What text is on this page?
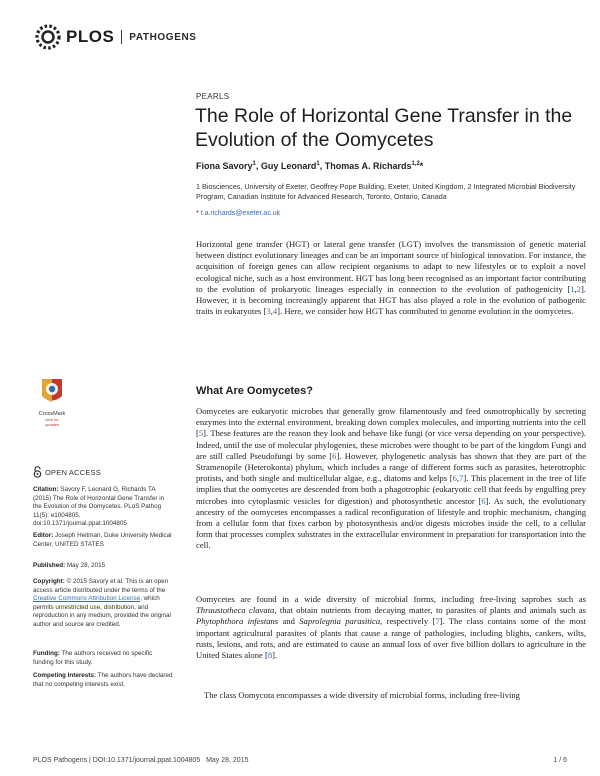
PLOS PATHOGENS
PEARLS
The Role of Horizontal Gene Transfer in the Evolution of the Oomycetes
Fiona Savory$^1$, Guy Leonard$^1$, Thomas A. Richards$^{1,2}$*
1 Biosciences, University of Exeter, Geoffrey Pope Building, Exeter, United Kingdom, 2 Integrated Microbial Biodiversity Program, Canadian Institute for Advanced Research, Toronto, Ontario, Canada
* t.a.richards@exeter.ac.uk

Horizontal gene transfer (HGT) or lateral gene transfer (LGT) involves the transmission of genetic material between distinct evolutionary lineages and can be an important source of biological innovation. For instance, the acquisition of foreign genes can allow recipient organisms to adapt to new lifestyles or to exploit a novel ecological niche, such as a host environment. HGT has long been recognised as an important factor contributing to the evolution of prokaryotic lineages especially in connection to the evolution of pathogenicity [1,2]. However, it is becoming increasingly apparent that HGT has also played a role in the evolution of pathogenic traits in eukaryotes [3,4]. Here, we consider how HGT has contributed to genome evolution in the oomycetes.

What Are Oomycetes?

Oomycetes are eukaryotic microbes that generally grow filamentously and feed osmotrophically by secreting enzymes into the external environment, breaking down complex molecules, and importing nutrients into the cell [5]. These features are the reason they look and behave like fungi (or vice versa depending on your perspective). Indeed, until the use of molecular phylogenies, these microbes were thought to be part of the kingdom Fungi and are still called Pseudofungi by some [6]. However, phylogenetic analysis has shown that they are part of the Stramenopile (Heterokonta) phylum, which includes a range of different forms such as parasites, heterotrophic protists, and both single and multicellular algae, e.g., diatoms and kelps [6,7]. This placement in the tree of life implies that the oomycetes are descended from both a phagotrophic (eukaryotic cell that feeds by engulfing prey microbes into cytoplasmic vesicles for digestion) and photosynthetic ancestor [6]. As such, the evolutionary ancestry of the oomycetes encompasses a radical reconfiguration of lifestyle and trophic mechanism, changing from a cellular form that fixes carbon by photosynthesis and/or digests microbes inside the cell, to a cellular form that processes complex substrates in the extracellular environment in preparation for transportation into the cell.

Oomycetes are found in a wide diversity of microbial forms, including free-living saprobes such as Thraustotheca clavata, that obtain nutrients from decaying matter, to parasites of plants and animals such as Phytophthora infestans and Saprolegnia parasitica, respectively [7]. The class contains some of the most important agricultural parasites of plants that cause a range of pathologies, including blights, cankers, wilts, rusts, lesions, and rots, and are estimated to cause an annual loss of over five billion dollars to agriculture in the United States alone [8].

The class Oomycota encompasses a wide diversity of microbial forms, including free-living

CrossMark
click for updates
OPEN ACCESS

Citation: Savory F, Leonard G, Richards TA (2015) The Role of Horizontal Gene Transfer in the Evolution of the Oomycetes. PLoS Pathog 11(5): e1004805. doi:10.1371/journal.ppat.1004805

Editor: Joseph Heitman, Duke University Medical Center, UNITED STATES

Published: May 28, 2015

Copyright: © 2015 Savory et al. This is an open access article distributed under the terms of the Creative Commons Attribution License, which permits unrestricted use, distribution, and reproduction in any medium, provided the original author and source are credited.

Funding: The authors received no specific funding for this study.

Competing Interests: The authors have declared that no competing interests exist.

PLOS Pathogens | DOI:10.1371/journal.ppat.1004805 May 28, 2015	1 / 6
